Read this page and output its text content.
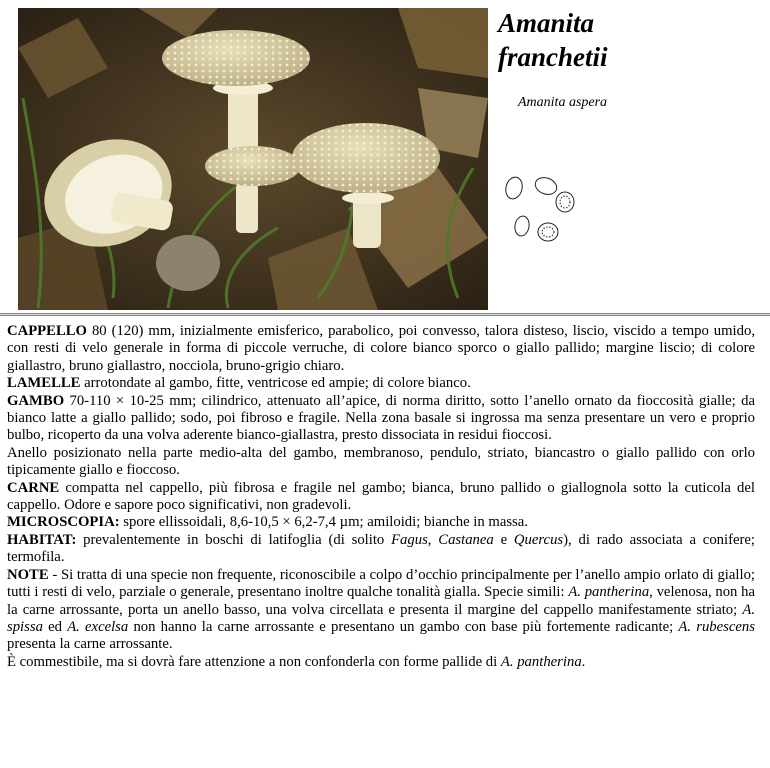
Amanita
franchetii
Amanita aspera

CAPPELLO 80 (120) mm, inizialmente emisferico, parabolico, poi convesso, talora disteso, liscio, viscido a tempo umido, con resti di velo generale in forma di piccole verruche, di colore bianco sporco o giallo pallido; margine liscio; di colore giallastro, bruno giallastro, nocciola, bruno-grigio chiaro.

LAMELLE arrotondate al gambo, fitte, ventricose ed ampie; di colore bianco.

GAMBO 70-110 × 10-25 mm; cilindrico, attenuato all’apice, di norma diritto, sotto l’anello ornato da fioccosità gialle; da bianco latte a giallo pallido; sodo, poi fibroso e fragile. Nella zona basale si ingrossa ma senza presentare un vero e proprio bulbo, ricoperto da una volva aderente bianco-giallastra, presto dissociata in residui fioccosi.

Anello posizionato nella parte medio-alta del gambo, membranoso, pendulo, striato, biancastro o giallo pallido con orlo tipicamente giallo e fioccoso.

CARNE compatta nel cappello, più fibrosa e fragile nel gambo; bianca, bruno pallido o giallognola sotto la cuticola del cappello. Odore e sapore poco significativi, non gradevoli.

MICROSCOPIA: spore ellissoidali, 8,6-10,5 × 6,2-7,4 µm; amiloidi; bianche in massa.

HABITAT: prevalentemente in boschi di latifoglia (di solito Fagus, Castanea e Quercus), di rado associata a conifere; termofila.

NOTE - Si tratta di una specie non frequente, riconoscibile a colpo d’occhio principalmente per l’anello ampio orlato di giallo; tutti i resti di velo, parziale o generale, presentano inoltre qualche tonalità gialla. Specie simili: A. pantherina, velenosa, non ha la carne arrossante, porta un anello basso, una volva circellata e presenta il margine del cappello manifestamente striato; A. spissa ed A. excelsa non hanno la carne arrossante e presentano un gambo con base più fortemente radicante; A. rubescens presenta la carne arrossante.

È commestibile, ma si dovrà fare attenzione a non confonderla con forme pallide di A. pantherina.
